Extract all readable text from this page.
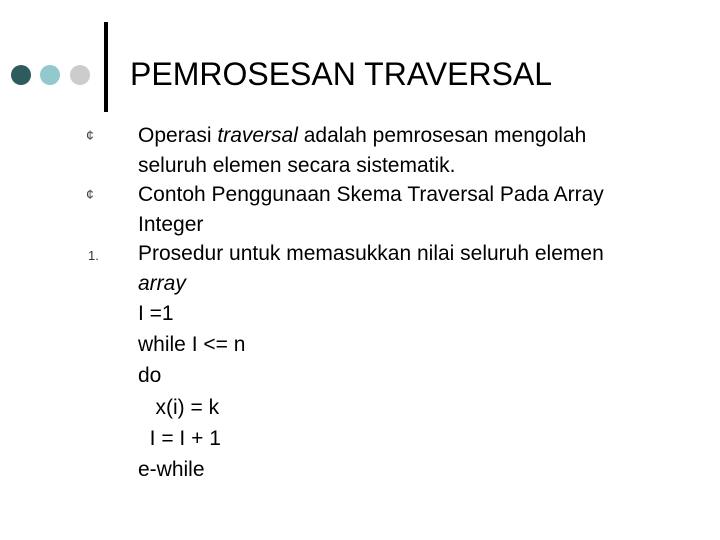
PEMROSESAN TRAVERSAL
¢
¢
1.
Operasi traversal adalah pemrosesan mengolah
seluruh elemen secara sistematik.
Contoh Penggunaan Skema Traversal Pada Array
Integer
Prosedur untuk memasukkan nilai seluruh elemen
array
I =1
while I <= n
do
x(i) = k
I = I + 1
e-while
